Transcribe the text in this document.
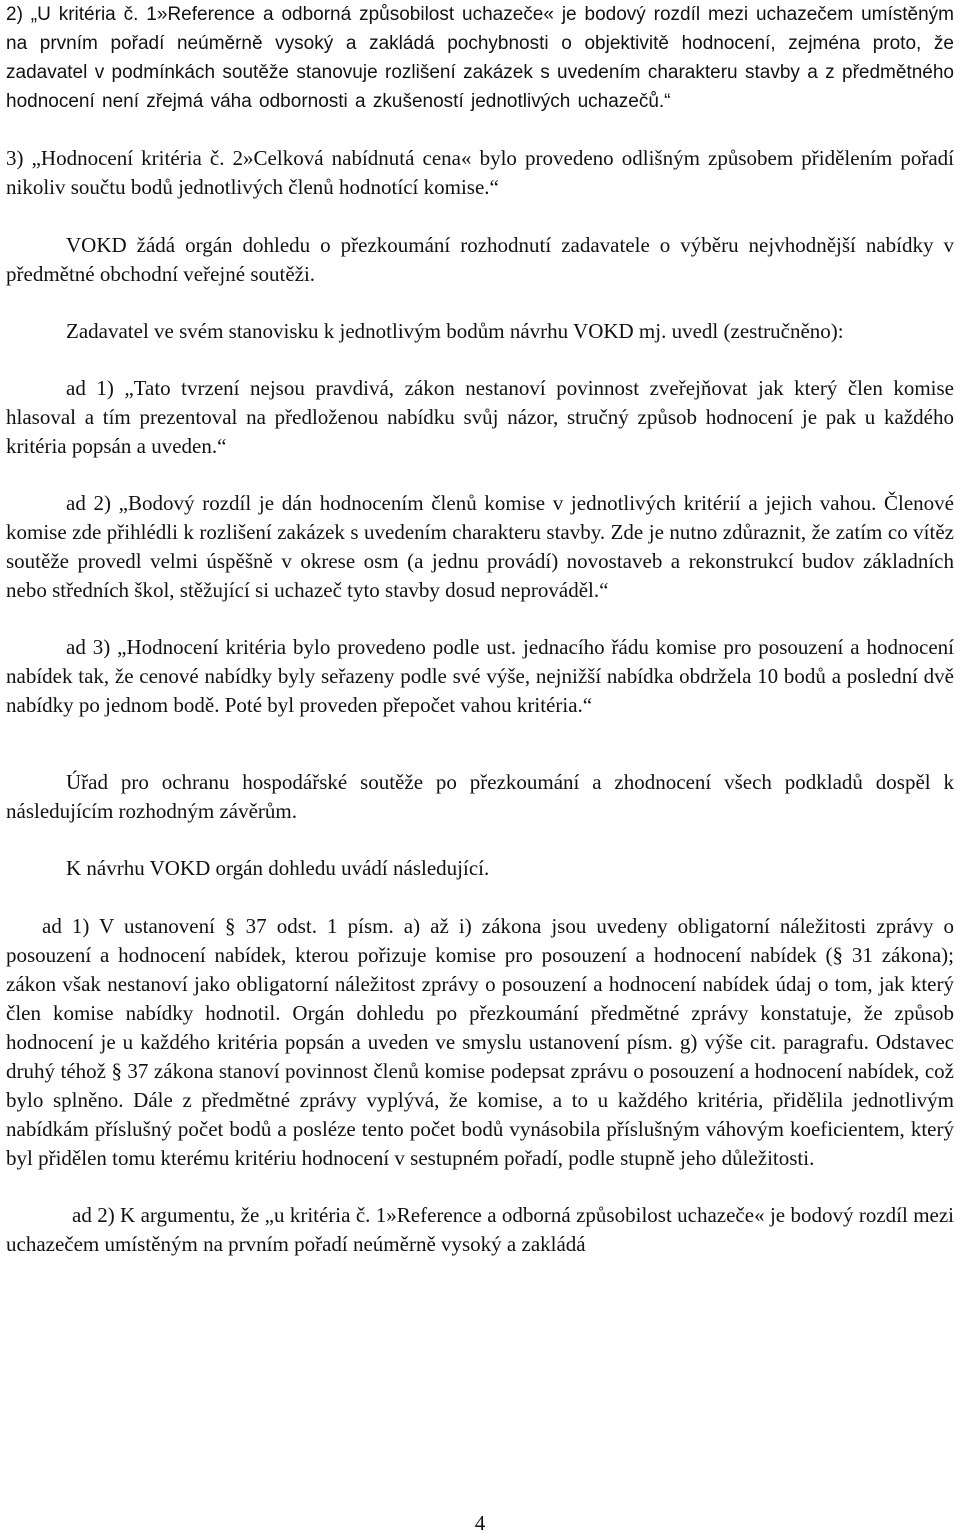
2) „U kritéria č. 1»Reference a odborná způsobilost uchazeče« je bodový rozdíl mezi uchazečem umístěným na prvním pořadí neúměrně vysoký a zakládá pochybnosti o objektivitě hodnocení, zejména proto, že zadavatel v podmínkách soutěže stanovuje rozlišení zakázek s uvedením charakteru stavby a z předmětného hodnocení není zřejmá váha odbornosti a zkušeností jednotlivých uchazečů.“

3) „Hodnocení kritéria č. 2»Celková nabídnutá cena« bylo provedeno odlišným způsobem přidělením pořadí nikoliv součtu bodů jednotlivých členů hodnotící komise.“

VOKD žádá orgán dohledu o přezkoumání rozhodnutí zadavatele o výběru nejvhodnější nabídky v předmětné obchodní veřejné soutěži.

Zadavatel ve svém stanovisku k jednotlivým bodům návrhu VOKD mj. uvedl (zestručněno):

ad 1) „Tato tvrzení nejsou pravdivá, zákon nestanoví povinnost zveřejňovat jak který člen komise hlasoval a tím prezentoval na předloženou nabídku svůj názor, stručný způsob hodnocení je pak u každého kritéria popsán a uveden.“

ad 2) „Bodový rozdíl je dán hodnocením členů komise v jednotlivých kritérií a jejich vahou. Členové komise zde přihlédli k rozlišení zakázek s uvedením charakteru stavby. Zde je nutno zdůraznit, že zatím co vítěz soutěže provedl velmi úspěšně v okrese osm (a jednu provádí) novostaveb a rekonstrukcí budov základních nebo středních škol, stěžující si uchazeč tyto stavby dosud neprováděl.“

ad 3) „Hodnocení kritéria bylo provedeno podle ust. jednacího řádu komise pro posouzení a hodnocení nabídek tak, že cenové nabídky byly seřazeny podle své výše, nejnižší nabídka obdržela 10 bodů a poslední dvě nabídky po jednom bodě. Poté byl proveden přepočet vahou kritéria.“

Úřad pro ochranu hospodářské soutěže po přezkoumání a zhodnocení všech podkladů dospěl k následujícím rozhodným závěrům.

K návrhu VOKD orgán dohledu uvádí následující.

ad 1) V ustanovení § 37 odst. 1 písm. a) až i) zákona jsou uvedeny obligatorní náležitosti zprávy o posouzení a hodnocení nabídek, kterou pořizuje komise pro posouzení a hodnocení nabídek (§ 31 zákona); zákon však nestanoví jako obligatorní náležitost zprávy o posouzení a hodnocení nabídek údaj o tom, jak který člen komise nabídky hodnotil. Orgán dohledu po přezkoumání předmětné zprávy konstatuje, že způsob hodnocení je u každého kritéria popsán a uveden ve smyslu ustanovení písm. g) výše cit. paragrafu. Odstavec druhý téhož § 37 zákona stanoví povinnost členů komise podepsat zprávu o posouzení a hodnocení nabídek, což bylo splněno. Dále z předmětné zprávy vyplývá, že komise, a to u každého kritéria, přidělila jednotlivým nabídkám příslušný počet bodů a posléze tento počet bodů vynásobila příslušným váhovým koeficientem, který byl přidělen tomu kterému kritériu hodnocení v sestupném pořadí, podle stupně jeho důležitosti.

ad 2) K argumentu, že „u kritéria č. 1»Reference a odborná způsobilost uchazeče« je bodový rozdíl mezi uchazečem umístěným na prvním pořadí neúměrně vysoký a zakládá

4
